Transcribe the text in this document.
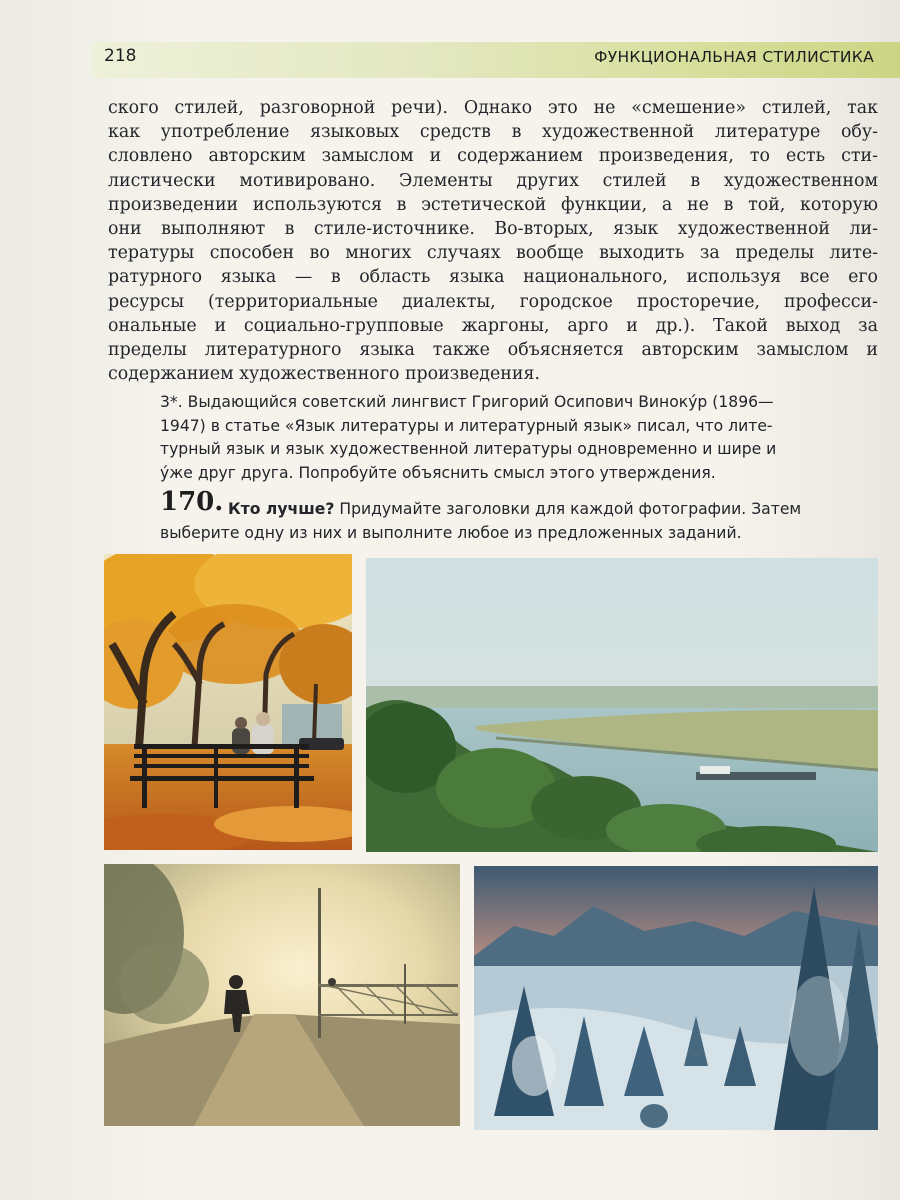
218	ФУНКЦИОНАЛЬНАЯ СТИЛИСТИКА

ского стилей, разговорной речи). Однако это не «смешение» стилей, так
как употребление языковых средств в художественной литературе обу-
словлено авторским замыслом и содержанием произведения, то есть сти-
листически мотивировано. Элементы других стилей в художественном
произведении используются в эстетической функции, а не в той, которую
они выполняют в стиле-источнике. Во-вторых, язык художественной ли-
тературы способен во многих случаях вообще выходить за пределы лите-
ратурного языка — в область языка национального, используя все его
ресурсы (территориальные диалекты, городское просторечие, професси-
ональные и социально-групповые жаргоны, арго и др.). Такой выход за
пределы литературного языка также объясняется авторским замыслом и
содержанием художественного произведения.

3*. Выдающийся советский лингвист Григорий Осипович Винокýр (1896—
1947) в статье «Язык литературы и литературный язык» писал, что лите-
турный язык и язык художественной литературы одновременно и шире и
ýже друг друга. Попробуйте объяснить смысл этого утверждения.

170. Кто лучше? Придумайте заголовки для каждой фотографии. Затем
выберите одну из них и выполните любое из предложенных заданий.
